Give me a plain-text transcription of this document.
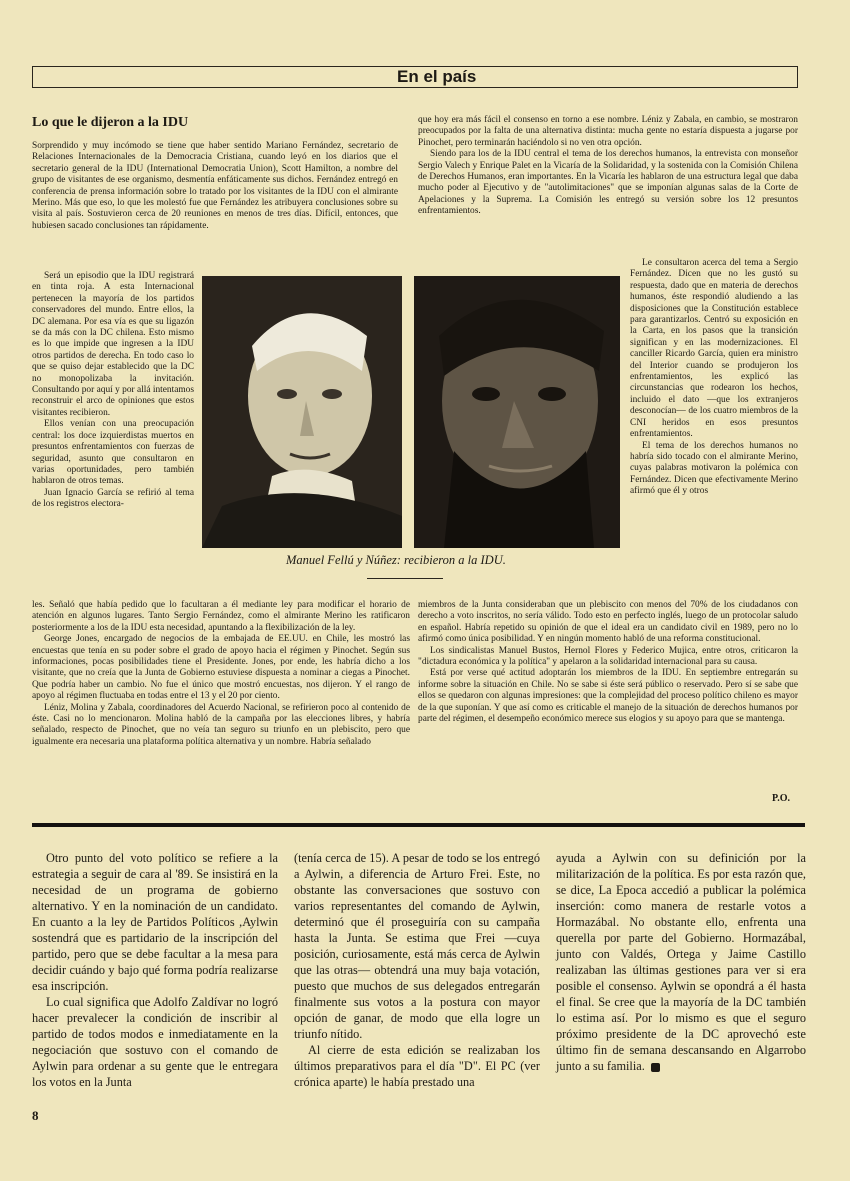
En el país
Lo que le dijeron a la IDU

Sorprendido y muy incómodo se tiene que haber sentido Mariano Fernández, secretario de Relaciones Internacionales de la Democracia Cristiana, cuando leyó en los diarios que el secretario general de la IDU (International Democratia Union), Scott Hamilton, a nombre del grupo de visitantes de ese organismo, desmentía enfáticamente sus dichos. Fernández entregó en conferencia de prensa información sobre lo tratado por los visitantes de la IDU con el almirante Merino. Más que eso, lo que les molestó fue que Fernández les atribuyera conclusiones sobre su visita al país. Sostuvieron cerca de 20 reuniones en menos de tres días. Difícil, entonces, que hubiesen sacado conclusiones tan rápidamente.

Será un episodio que la IDU registrará en tinta roja. A esta Internacional pertenecen la mayoría de los partidos conservadores del mundo. Entre ellos, la DC alemana. Por esa vía es que su ligazón se da más con la DC chilena. Esto mismo es lo que impide que ingresen a la IDU otros partidos de derecha. En todo caso lo que se quiso dejar establecido que la DC no monopolizaba la invitación. Consultando por aquí y por allá intentamos reconstruir el arco de opiniones que estos visitantes recibieron.

Ellos venían con una preocupación central: los doce izquierdistas muertos en presuntos enfrentamientos con fuerzas de seguridad, asunto que consultaron en varias oportunidades, pero también hablaron de otros temas.

Juan Ignacio García se refirió al tema de los registros electora-

Manuel Fellú y Núñez: recibieron a la IDU.

les. Señaló que había pedido que lo facultaran a él mediante ley para modificar el horario de atención en algunos lugares. Tanto Sergio Fernández, como el almirante Merino les ratificaron posteriormente a los de la IDU esta necesidad, apuntando a la flexibilización de la ley.

George Jones, encargado de negocios de la embajada de EE.UU. en Chile, les mostró las encuestas que tenía en su poder sobre el grado de apoyo hacia el régimen y Pinochet. Según sus informaciones, pocas posibilidades tiene el Presidente. Jones, por ende, les habría dicho a los visitante, que no creía que la Junta de Gobierno estuviese dispuesta a nominar a ciegas a Pinochet. Que podría haber un cambio. No fue el único que mostró encuestas, nos dijeron. Y el rango de apoyo al régimen fluctuaba en todas entre el 13 y el 20 por ciento.

Léniz, Molina y Zabala, coordinadores del Acuerdo Nacional, se refirieron poco al contenido de éste. Casi no lo mencionaron. Molina habló de la campaña por las elecciones libres, y habría señalado, respecto de Pinochet, que no veía tan seguro su triunfo en un plebiscito, pero que igualmente era necesaria una plataforma política alternativa y un nombre. Habría señalado

que hoy era más fácil el consenso en torno a ese nombre. Léniz y Zabala, en cambio, se mostraron preocupados por la falta de una alternativa distinta: mucha gente no estaría dispuesta a jugarse por Pinochet, pero terminarán haciéndolo si no ven otra opción.

Siendo para los de la IDU central el tema de los derechos humanos, la entrevista con monseñor Sergio Valech y Enrique Palet en la Vicaría de la Solidaridad, y la sostenida con la Comisión Chilena de Derechos Humanos, eran importantes. En la Vicaría les hablaron de una estructura legal que daba mucho poder al Ejecutivo y de "autolimitaciones" que se imponían algunas salas de la Corte de Apelaciones y la Suprema. La Comisión les entregó su versión sobre los 12 presuntos enfrentamientos.

Le consultaron acerca del tema a Sergio Fernández. Dicen que no les gustó su respuesta, dado que en materia de derechos humanos, éste respondió aludiendo a las disposiciones que la Constitución establece para garantizarlos. Centró su exposición en la Carta, en los pasos que la transición significan y en las modernizaciones. El canciller Ricardo García, quien era ministro del Interior cuando se produjeron los enfrentamientos, les explicó las circunstancias que rodearon los hechos, incluido el dato —que los extranjeros desconocían— de los cuatro miembros de la CNI heridos en esos presuntos enfrentamientos.

El tema de los derechos humanos no habría sido tocado con el almirante Merino, cuyas palabras motivaron la polémica con Fernández. Dicen que efectivamente Merino afirmó que él y otros

miembros de la Junta consideraban que un plebiscito con menos del 70% de los ciudadanos con derecho a voto inscritos, no sería válido. Todo esto en perfecto inglés, luego de un protocolar saludo en español. Habría repetido su opinión de que el ideal era un candidato civil en 1989, pero no lo afirmó como única posibilidad. Y en ningún momento habló de una reforma constitucional.

Los sindicalistas Manuel Bustos, Hernol Flores y Federico Mujica, entre otros, criticaron la "dictadura económica y la política" y apelaron a la solidaridad internacional para su causa.

Está por verse qué actitud adoptarán los miembros de la IDU. En septiembre entregarán su informe sobre la situación en Chile. No se sabe si éste será público o reservado. Pero sí se sabe que ellos se quedaron con algunas impresiones: que la complejidad del proceso político chileno es mayor de la que suponían. Y que así como es criticable el manejo de la situación de derechos humanos por parte del régimen, el desempeño económico merece sus elogios y su apoyo para que se mantenga.

P.O.

Otro punto del voto político se refiere a la estrategia a seguir de cara al '89. Se insistirá en la necesidad de un programa de gobierno alternativo. Y en la nominación de un candidato. En cuanto a la ley de Partidos Políticos ,Aylwin sostendrá que es partidario de la inscripción del partido, pero que se debe facultar a la mesa para decidir cuándo y bajo qué forma podría realizarse esa inscripción.

Lo cual significa que Adolfo Zaldívar no logró hacer prevalecer la condición de inscribir al partido de todos modos e inmediatamente en la negociación que sostuvo con el comando de Aylwin para ordenar a su gente que le entregara los votos en la Junta

(tenía cerca de 15). A pesar de todo se los entregó a Aylwin, a diferencia de Arturo Frei. Este, no obstante las conversaciones que sostuvo con varios representantes del comando de Aylwin, determinó que él proseguiría con su campaña hasta la Junta. Se estima que Frei —cuya posición, curiosamente, está más cerca de Aylwin que las otras— obtendrá una muy baja votación, puesto que muchos de sus delegados entregarán finalmente sus votos a la postura con mayor opción de ganar, de modo que ella logre un triunfo nítido.

Al cierre de esta edición se realizaban los últimos preparativos para el día "D". El PC (ver crónica aparte) le había prestado una

ayuda a Aylwin con su definición por la militarización de la política. Es por esta razón que, se dice, La Epoca accedió a publicar la polémica inserción: como manera de restarle votos a Hormazábal. No obstante ello, enfrenta una querella por parte del Gobierno. Hormazábal, junto con Valdés, Ortega y Jaime Castillo realizaban las últimas gestiones para ver si era posible el consenso. Aylwin se opondrá a él hasta el final. Se cree que la mayoría de la DC también lo estima así. Por lo mismo es que el seguro próximo presidente de la DC aprovechó este último fin de semana descansando en Algarrobo junto a su familia.

8
